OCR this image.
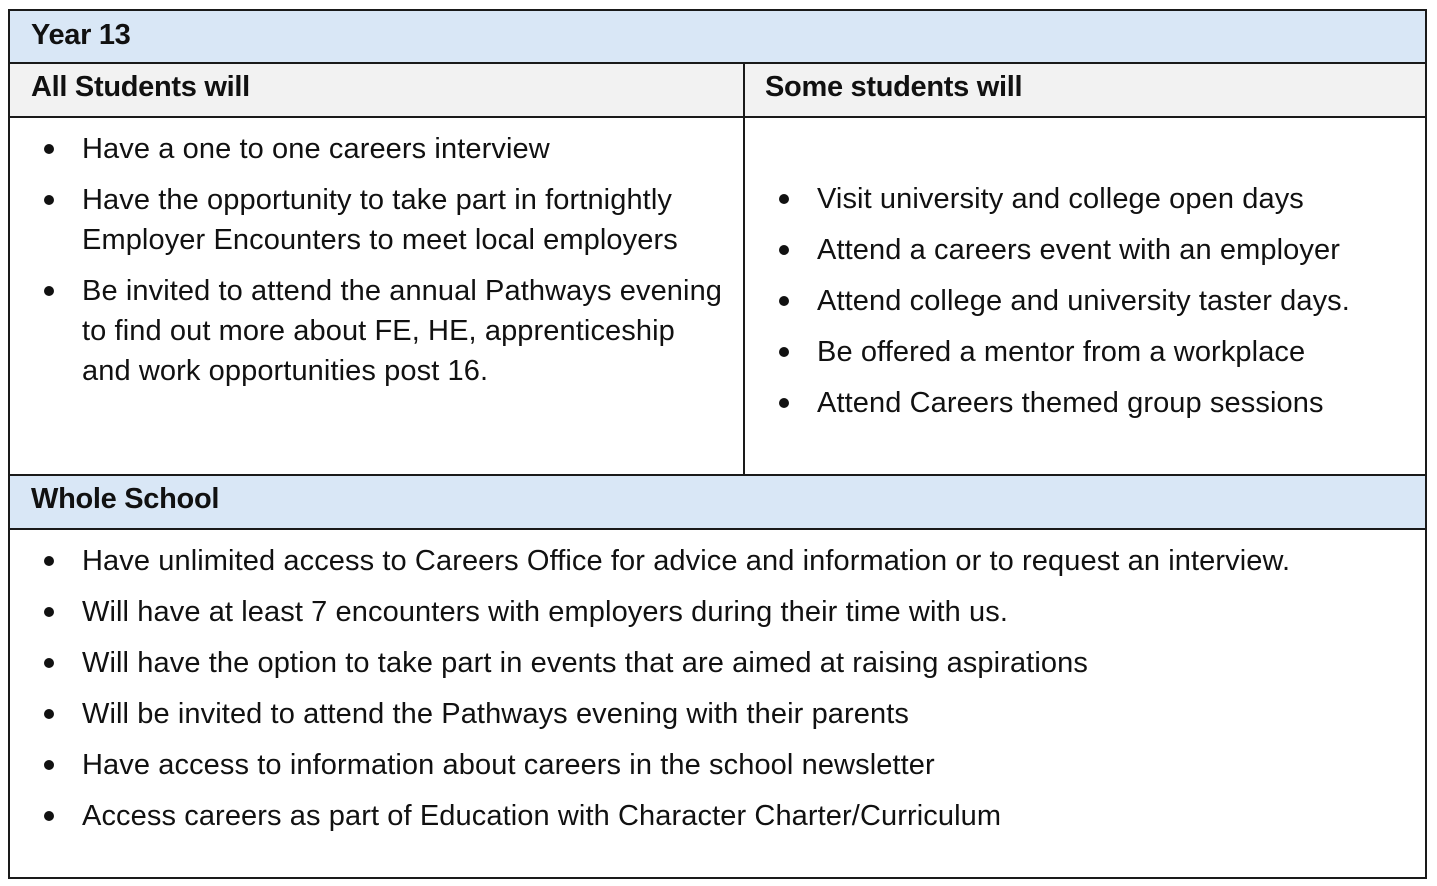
Year 13
All Students will	Some students will
Have a one to one careers interview
Have the opportunity to take part in fortnightly Employer Encounters to meet local employers
Be invited to attend the annual Pathways evening to find out more about FE, HE, apprenticeship and work opportunities post 16.
Visit university and college open days
Attend a careers event with an employer
Attend college and university taster days.
Be offered a mentor from a workplace
Attend Careers themed group sessions
Whole School
Have unlimited access to Careers Office for advice and information or to request an interview.
Will have at least 7 encounters with employers during their time with us.
Will have the option to take part in events that are aimed at raising aspirations
Will be invited to attend the Pathways evening with their parents
Have access to information about careers in the school newsletter
Access careers as part of Education with Character Charter/Curriculum
